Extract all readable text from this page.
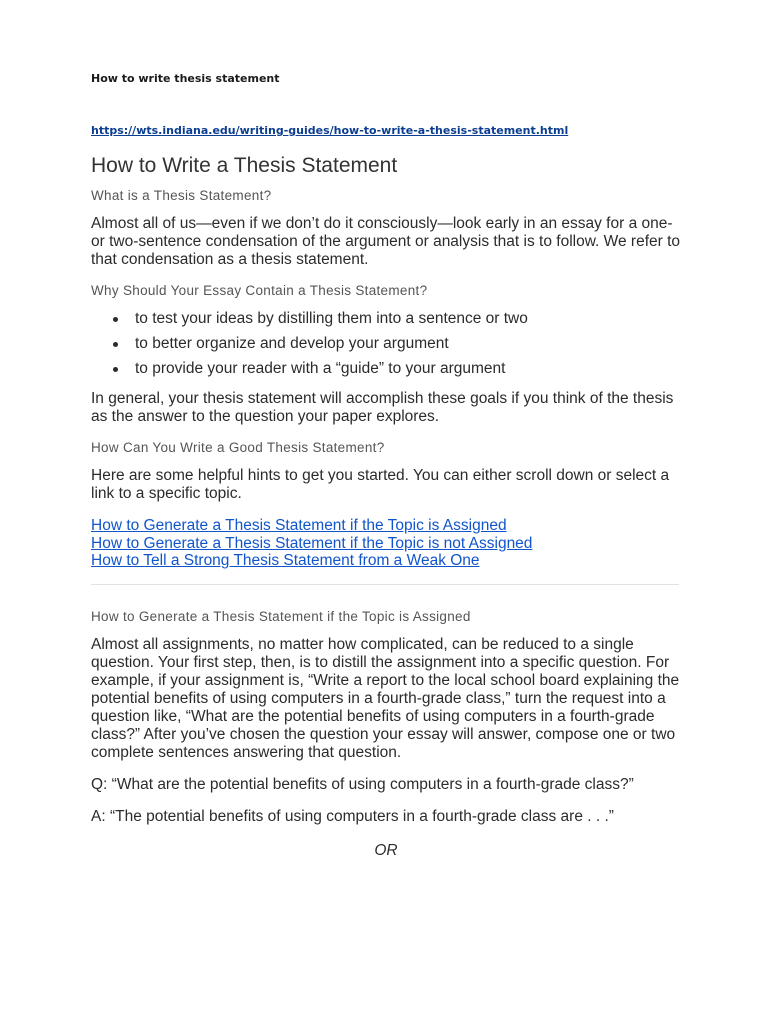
How to write thesis statement

https://wts.indiana.edu/writing-guides/how-to-write-a-thesis-statement.html
How to Write a Thesis Statement

What is a Thesis Statement?

Almost all of us—even if we don’t do it consciously—look early in an essay for a one- or two-sentence condensation of the argument or analysis that is to follow. We refer to that condensation as a thesis statement.

Why Should Your Essay Contain a Thesis Statement?

to test your ideas by distilling them into a sentence or two
to better organize and develop your argument
to provide your reader with a “guide” to your argument

In general, your thesis statement will accomplish these goals if you think of the thesis as the answer to the question your paper explores.

How Can You Write a Good Thesis Statement?

Here are some helpful hints to get you started. You can either scroll down or select a link to a specific topic.

How to Generate a Thesis Statement if the Topic is Assigned
How to Generate a Thesis Statement if the Topic is not Assigned
How to Tell a Strong Thesis Statement from a Weak One

How to Generate a Thesis Statement if the Topic is Assigned

Almost all assignments, no matter how complicated, can be reduced to a single question. Your first step, then, is to distill the assignment into a specific question. For example, if your assignment is, “Write a report to the local school board explaining the potential benefits of using computers in a fourth-grade class,” turn the request into a question like, “What are the potential benefits of using computers in a fourth-grade class?” After you’ve chosen the question your essay will answer, compose one or two complete sentences answering that question.

Q: “What are the potential benefits of using computers in a fourth-grade class?”

A: “The potential benefits of using computers in a fourth-grade class are . . .”

OR
